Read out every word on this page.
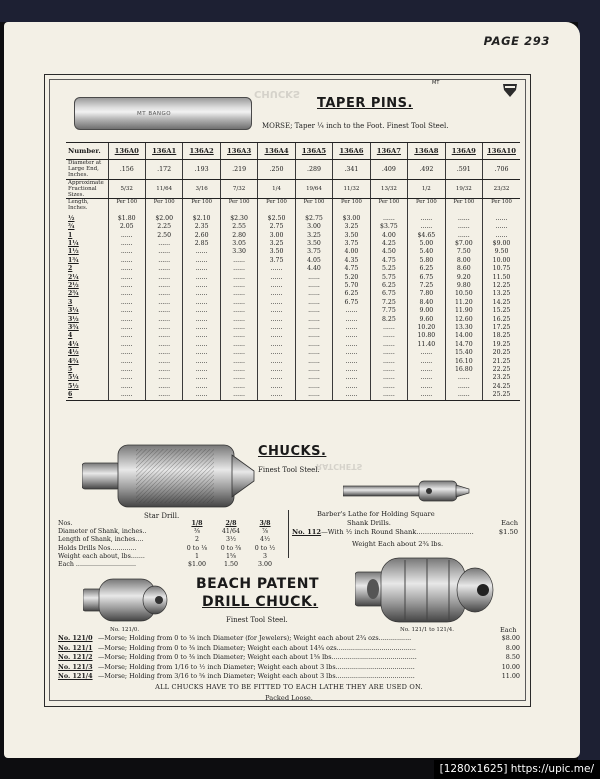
PAGE 293
MT
CHUCKS
RATCHETS
MT BANGO
TAPER PINS.
MORSE; Taper ¼ inch to the Foot. Finest Tool Steel.
Number.	136A0	136A1	136A2	136A3	136A4	136A5	136A6	136A7	136A8	136A9	136A10
Diameter at Large End, Inches.	.156	.172	.193	.219	.250	.289	.341	.409	.492	.591	.706
Approximate Fractional Sizes.	5/32	11/64	3/16	7/32	1/4	19/64	11/32	13/32	1/2	19/32	23/32
Length, Inches.	Per 100	Per 100	Per 100	Per 100	Per 100	Per 100	Per 100	Per 100	Per 100	Per 100	Per 100
½	$1.80	$2.00	$2.10	$2.30	$2.50	$2.75	$3.00	......	......	......	......
¾	2.05	2.25	2.35	2.55	2.75	3.00	3.25	$3.75	......	......	......
1	......	2.50	2.60	2.80	3.00	3.25	3.50	4.00	$4.65	......	......
1¼	......	......	2.85	3.05	3.25	3.50	3.75	4.25	5.00	$7.00	$9.00
1½	......	......	......	3.30	3.50	3.75	4.00	4.50	5.40	7.50	9.50
1¾	......	......	......	......	3.75	4.05	4.35	4.75	5.80	8.00	10.00
2	......	......	......	......	......	4.40	4.75	5.25	6.25	8.60	10.75
2¼	......	......	......	......	......	......	5.20	5.75	6.75	9.20	11.50
2½	......	......	......	......	......	......	5.70	6.25	7.25	9.80	12.25
2¾	......	......	......	......	......	......	6.25	6.75	7.80	10.50	13.25
3	......	......	......	......	......	......	6.75	7.25	8.40	11.20	14.25
3¼	......	......	......	......	......	......	......	7.75	9.00	11.90	15.25
3½	......	......	......	......	......	......	......	8.25	9.60	12.60	16.25
3¾	......	......	......	......	......	......	......	......	10.20	13.30	17.25
4	......	......	......	......	......	......	......	......	10.80	14.00	18.25
4¼	......	......	......	......	......	......	......	......	11.40	14.70	19.25
4½	......	......	......	......	......	......	......	......	......	15.40	20.25
4¾	......	......	......	......	......	......	......	......	......	16.10	21.25
5	......	......	......	......	......	......	......	......	......	16.80	22.25
5¼	......	......	......	......	......	......	......	......	......	......	23.25
5½	......	......	......	......	......	......	......	......	......	......	24.25
6	......	......	......	......	......	......	......	......	......	......	25.25
CHUCKS.
Finest Tool Steel.
Star Drill.
Nos.	1/8	2/8	3/8
Diameter of Shank, inches..	⅜	41/64	⅞
Length of Shank, inches....	2	3½	4½
Holds Drills Nos.............	0 to ⅛	0 to ⅜	0 to ½
Weight each about, lbs.......	1	1⅝	3
Each ..............................	$1.00	1.50	3.00
Barber's Lathe for Holding Square
Shank Drills.	Each
No. 112—With ½ inch Round Shank...........................	$1.50
Weight Each about 2¾ lbs.
BEACH PATENT
DRILL CHUCK.
Finest Tool Steel.
No. 121/0.	No. 121/1 to 121/4.	Each
No. 121/0	—Morse; Holding from 0 to ⅛ inch Diameter (for Jewelers); Weight each about 2¾ ozs................	$8.00
No. 121/1	—Morse; Holding from 0 to ⅜ inch Diameter; Weight each about 14¾ ozs.......................................	8.00
No. 121/2	—Morse; Holding from 0 to ⅜ inch Diameter; Weight each about 1⅝ lbs..........................................	8.50
No. 121/3	—Morse; Holding from 1/16 to ½ inch Diameter; Weight each about 3 lbs.......................................	10.00
No. 121/4	—Morse; Holding from 3/16 to ⅝ inch Diameter; Weight each about 3 lbs.......................................	11.00
ALL CHUCKS HAVE TO BE FITTED TO EACH LATHE THEY ARE USED ON.
Packed Loose.
[1280x1625] https://upic.me/
